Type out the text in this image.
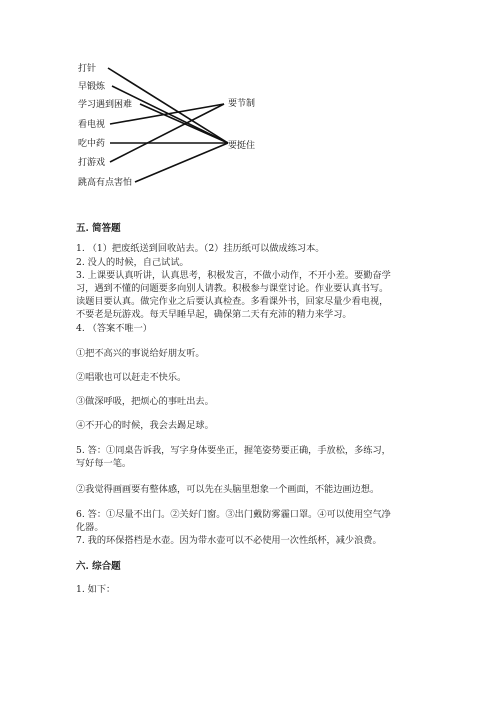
打针
早锻炼
学习遇到困难
看电视
吃中药
打游戏
跳高有点害怕
要节制
要挺住
五. 简答题

1. （1）把废纸送到回收站去。（2）挂历纸可以做成练习本。

2. 没人的时候，自己试试。

3. 上课要认真听讲，认真思考，积极发言，不做小动作，不开小差。要勤奋学

习，遇到不懂的问题要多向别人请教。积极参与课堂讨论。作业要认真书写。

读题目要认真。做完作业之后要认真检查。多看课外书，回家尽量少看电视，

不要老是玩游戏。每天早睡早起，确保第二天有充沛的精力来学习。

4. （答案不唯一）

①把不高兴的事说给好朋友听。

②唱歌也可以赶走不快乐。

③做深呼吸，把烦心的事吐出去。

④不开心的时候，我会去踢足球。

5. 答：①同桌告诉我，写字身体要坐正，握笔姿势要正确，手放松，多练习，

写好每一笔。

②我觉得画画要有整体感，可以先在头脑里想象一个画面，不能边画边想。

6. 答：①尽量不出门。②关好门窗。③出门戴防雾霾口罩。④可以使用空气净

化器。

7. 我的环保搭档是水壶。因为带水壶可以不必使用一次性纸杯，减少浪费。

六. 综合题

1. 如下：
